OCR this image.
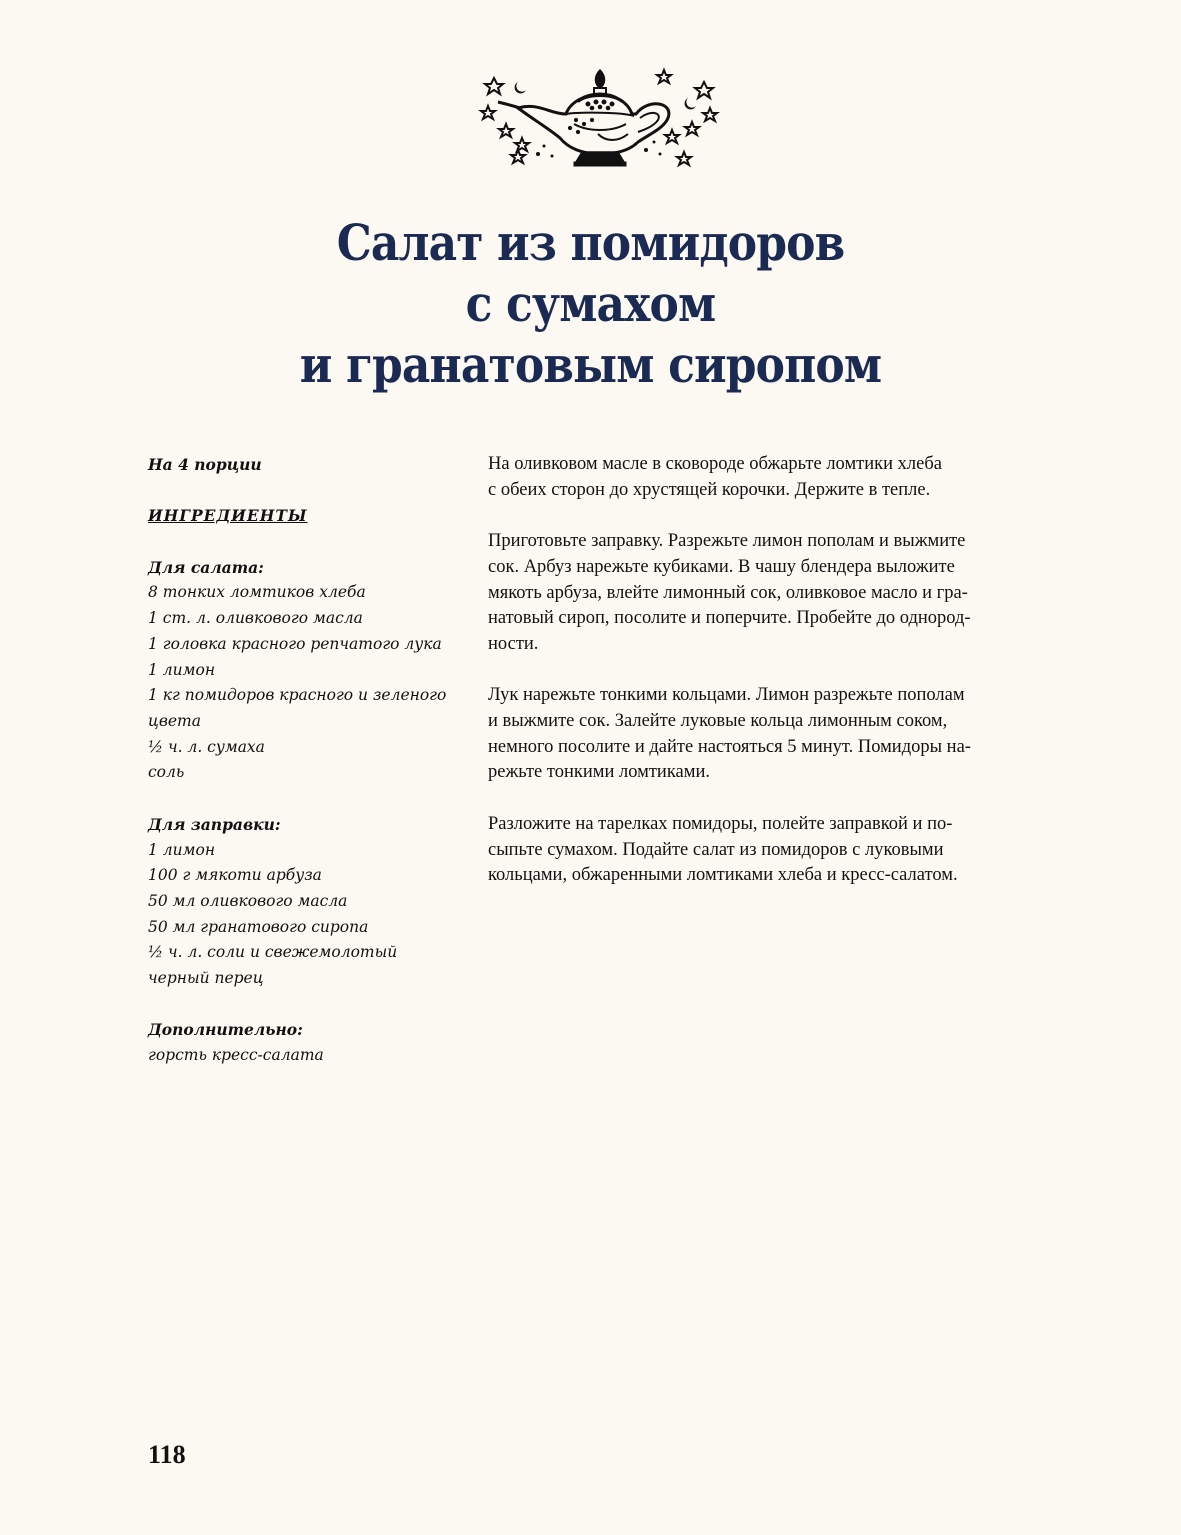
Салат из помидоров
с сумахом
и гранатовым сиропом
На 4 порции
ИНГРЕДИЕНТЫ
Для салата:
8 тонких ломтиков хлеба
1 ст. л. оливкового масла
1 головка красного репчатого лука
1 лимон
1 кг помидоров красного и зеленого
цвета
½ ч. л. сумаха
соль
Для заправки:
1 лимон
100 г мякоти арбуза
50 мл оливкового масла
50 мл гранатового сиропа
½ ч. л. соли и свежемолотый
черный перец
Дополнительно:
горсть кресс-салата

На оливковом масле в сковороде обжарьте ломтики хлеба
с обеих сторон до хрустящей корочки. Держите в тепле.

Приготовьте заправку. Разрежьте лимон пополам и выжмите
сок. Арбуз нарежьте кубиками. В чашу блендера выложите
мякоть арбуза, влейте лимонный сок, оливковое масло и гра-
натовый сироп, посолите и поперчите. Пробейте до однород-
ности.

Лук нарежьте тонкими кольцами. Лимон разрежьте пополам
и выжмите сок. Залейте луковые кольца лимонным соком,
немного посолите и дайте настояться 5 минут. Помидоры на-
режьте тонкими ломтиками.

Разложите на тарелках помидоры, полейте заправкой и по-
сыпьте сумахом. Подайте салат из помидоров с луковыми
кольцами, обжаренными ломтиками хлеба и кресс-салатом.

118
